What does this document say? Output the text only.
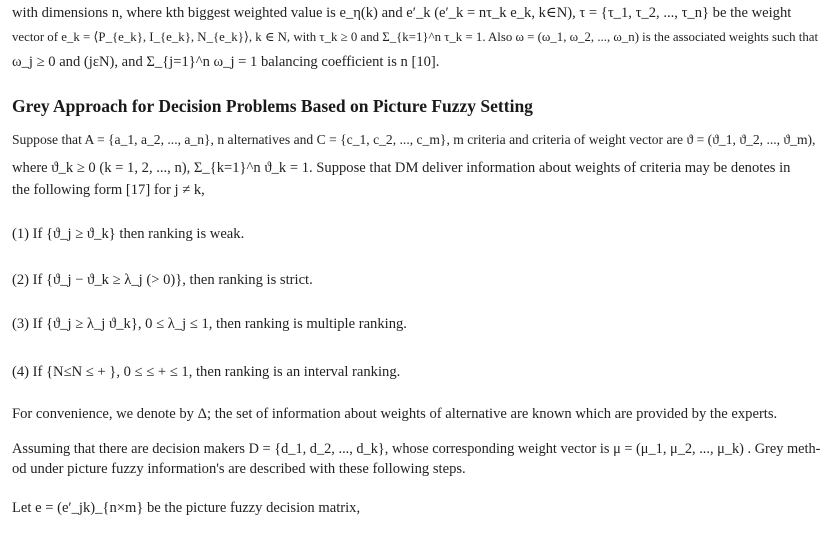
with dimensions n, where kth biggest weighted value is e_η(k) and e′_k (e′_k = nτ_k e_k, k∈N), τ = {τ_1, τ_2, ..., τ_n} be the weight
vector of e_k = ⟨P_{e_k}, I_{e_k}, N_{e_k}⟩, k ∈ N, with τ_k ≥ 0 and Σ_{k=1}^n τ_k = 1. Also ω = (ω_1, ω_2, ..., ω_n) is the associated weights such that
ω_j ≥ 0 and (jεN), and Σ_{j=1}^n ω_j = 1 balancing coefficient is n [10].
Grey Approach for Decision Problems Based on Picture Fuzzy Setting
Suppose that A = {a_1, a_2, ..., a_n}, n alternatives and C = {c_1, c_2, ..., c_m}, m criteria and criteria of weight vector are ϑ = (ϑ_1, ϑ_2, ..., ϑ_m),
where ϑ_k ≥ 0 (k = 1, 2, ..., n), Σ_{k=1}^n ϑ_k = 1. Suppose that DM deliver information about weights of criteria may be denotes in
the following form [17] for j ≠ k,
(1) If {ϑ_j ≥ ϑ_k} then ranking is weak.
(2) If {ϑ_j − ϑ_k ≥ λ_j (> 0)}, then ranking is strict.
(3) If {ϑ_j ≥ λ_j ϑ_k}, 0 ≤ λ_j ≤ 1, then ranking is multiple ranking.
(4) If {N≤N ≤ + }, 0 ≤ ≤ + ≤ 1, then ranking is an interval ranking.
For convenience, we denote by Δ; the set of information about weights of alternative are known which are provided by the experts.
Assuming that there are decision makers D = {d_1, d_2, ..., d_k}, whose corresponding weight vector is μ = (μ_1, μ_2, ..., μ_k) . Grey meth-
od under picture fuzzy information's are described with these following steps.
Let e = (e′_jk)_{n×m} be the picture fuzzy decision matrix,
